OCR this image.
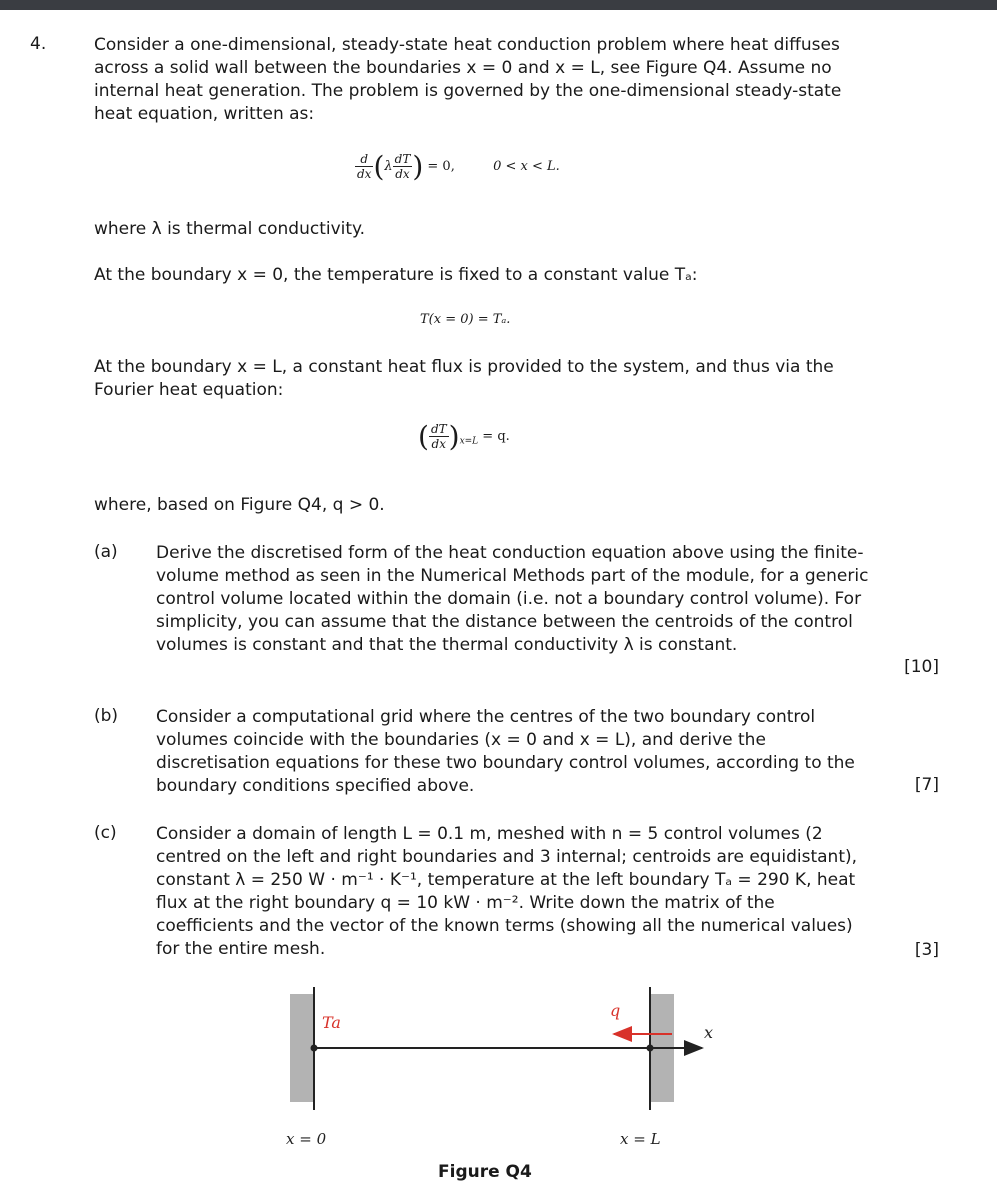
4.	Consider a one-dimensional, steady-state heat conduction problem where heat diffuses across a solid wall between the boundaries x = 0 and x = L, see Figure Q4. Assume no internal heat generation. The problem is governed by the one-dimensional steady-state heat equation, written as:
$\frac{d}{dx} (\lambda \frac{dT}{dx}$ ) = 0,	0 < x < L.
where λ is thermal conductivity.
At the boundary x = 0, the temperature is fixed to a constant value Tₐ:
T(x = 0) = Tₐ.
At the boundary x = L, a constant heat flux is provided to the system, and thus via the Fourier heat equation:
( $\frac{dT}{dx} )_{x=L} = q$.
where, based on Figure Q4, q > 0.
(a) Derive the discretised form of the heat conduction equation above using the finite-volume method as seen in the Numerical Methods part of the module, for a generic control volume located within the domain (i.e. not a boundary control volume). For simplicity, you can assume that the distance between the centroids of the control volumes is constant and that the thermal conductivity λ is constant.
[10]
(b) Consider a computational grid where the centres of the two boundary control volumes coincide with the boundaries (x = 0 and x = L), and derive the discretisation equations for these two boundary control volumes, according to the boundary conditions specified above.	[7]
(c) Consider a domain of length L = 0.1 m, meshed with n = 5 control volumes (2 centred on the left and right boundaries and 3 internal; centroids are equidistant), constant λ = 250 W · m⁻¹ · K⁻¹, temperature at the left boundary Tₐ = 290 K, heat flux at the right boundary q = 10 kW · m⁻². Write down the matrix of the coefficients and the vector of the known terms (showing all the numerical values) for the entire mesh.	[3]
Ta
q
x
x = 0	x = L
Figure Q4
